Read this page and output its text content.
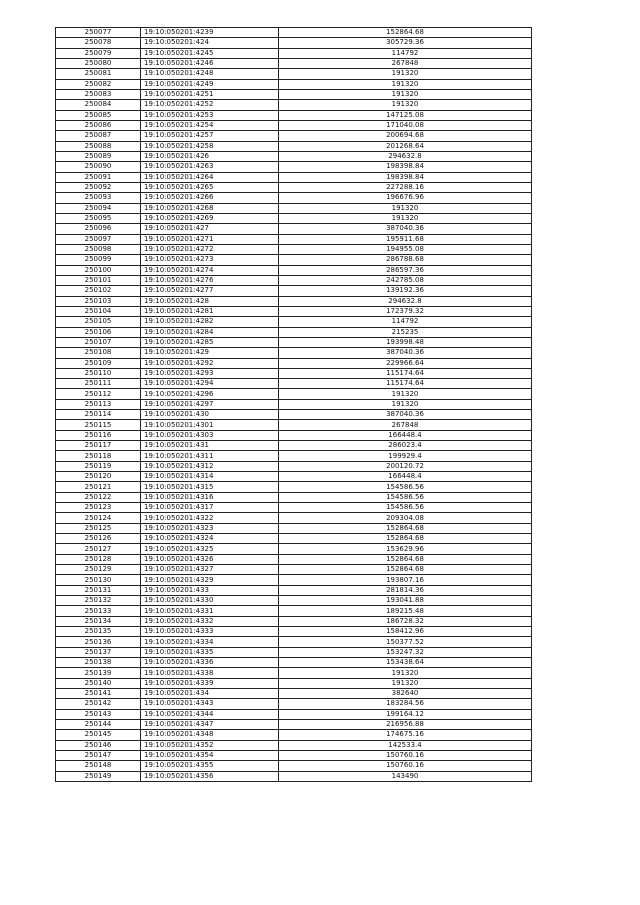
250077	19:10:050201:4239	152864.68
250078	19:10:050201:424	305729.36
250079	19:10:050201:4245	114792
250080	19:10:050201:4246	267848
250081	19:10:050201:4248	191320
250082	19:10:050201:4249	191320
250083	19:10:050201:4251	191320
250084	19:10:050201:4252	191320
250085	19:10:050201:4253	147125.08
250086	19:10:050201:4254	171040.08
250087	19:10:050201:4257	200694.68
250088	19:10:050201:4258	201268.64
250089	19:10:050201:426	294632.8
250090	19:10:050201:4263	198398.84
250091	19:10:050201:4264	198398.84
250092	19:10:050201:4265	227288.16
250093	19:10:050201:4266	196676.96
250094	19:10:050201:4268	191320
250095	19:10:050201:4269	191320
250096	19:10:050201:427	387040.36
250097	19:10:050201:4271	195911.68
250098	19:10:050201:4272	194955.08
250099	19:10:050201:4273	286788.68
250100	19:10:050201:4274	286597.36
250101	19:10:050201:4276	242785.08
250102	19:10:050201:4277	139192.36
250103	19:10:050201:428	294632.8
250104	19:10:050201:4281	172379.32
250105	19:10:050201:4282	114792
250106	19:10:050201:4284	215235
250107	19:10:050201:4285	193998.48
250108	19:10:050201:429	387040.36
250109	19:10:050201:4292	229966.64
250110	19:10:050201:4293	115174.64
250111	19:10:050201:4294	115174.64
250112	19:10:050201:4296	191320
250113	19:10:050201:4297	191320
250114	19:10:050201:430	387040.36
250115	19:10:050201:4301	267848
250116	19:10:050201:4303	166448.4
250117	19:10:050201:431	286023.4
250118	19:10:050201:4311	199929.4
250119	19:10:050201:4312	200120.72
250120	19:10:050201:4314	166448.4
250121	19:10:050201:4315	154586.56
250122	19:10:050201:4316	154586.56
250123	19:10:050201:4317	154586.56
250124	19:10:050201:4322	209304.08
250125	19:10:050201:4323	152864.68
250126	19:10:050201:4324	152864.68
250127	19:10:050201:4325	153629.96
250128	19:10:050201:4326	152864.68
250129	19:10:050201:4327	152864.68
250130	19:10:050201:4329	193807.16
250131	19:10:050201:433	281814.36
250132	19:10:050201:4330	193041.88
250133	19:10:050201:4331	189215.48
250134	19:10:050201:4332	186728.32
250135	19:10:050201:4333	158412.96
250136	19:10:050201:4334	150377.52
250137	19:10:050201:4335	153247.32
250138	19:10:050201:4336	153438.64
250139	19:10:050201:4338	191320
250140	19:10:050201:4339	191320
250141	19:10:050201:434	382640
250142	19:10:050201:4343	183284.56
250143	19:10:050201:4344	199164.12
250144	19:10:050201:4347	216956.88
250145	19:10:050201:4348	174675.16
250146	19:10:050201:4352	142533.4
250147	19:10:050201:4354	150760.16
250148	19:10:050201:4355	150760.16
250149	19:10:050201:4356	143490
